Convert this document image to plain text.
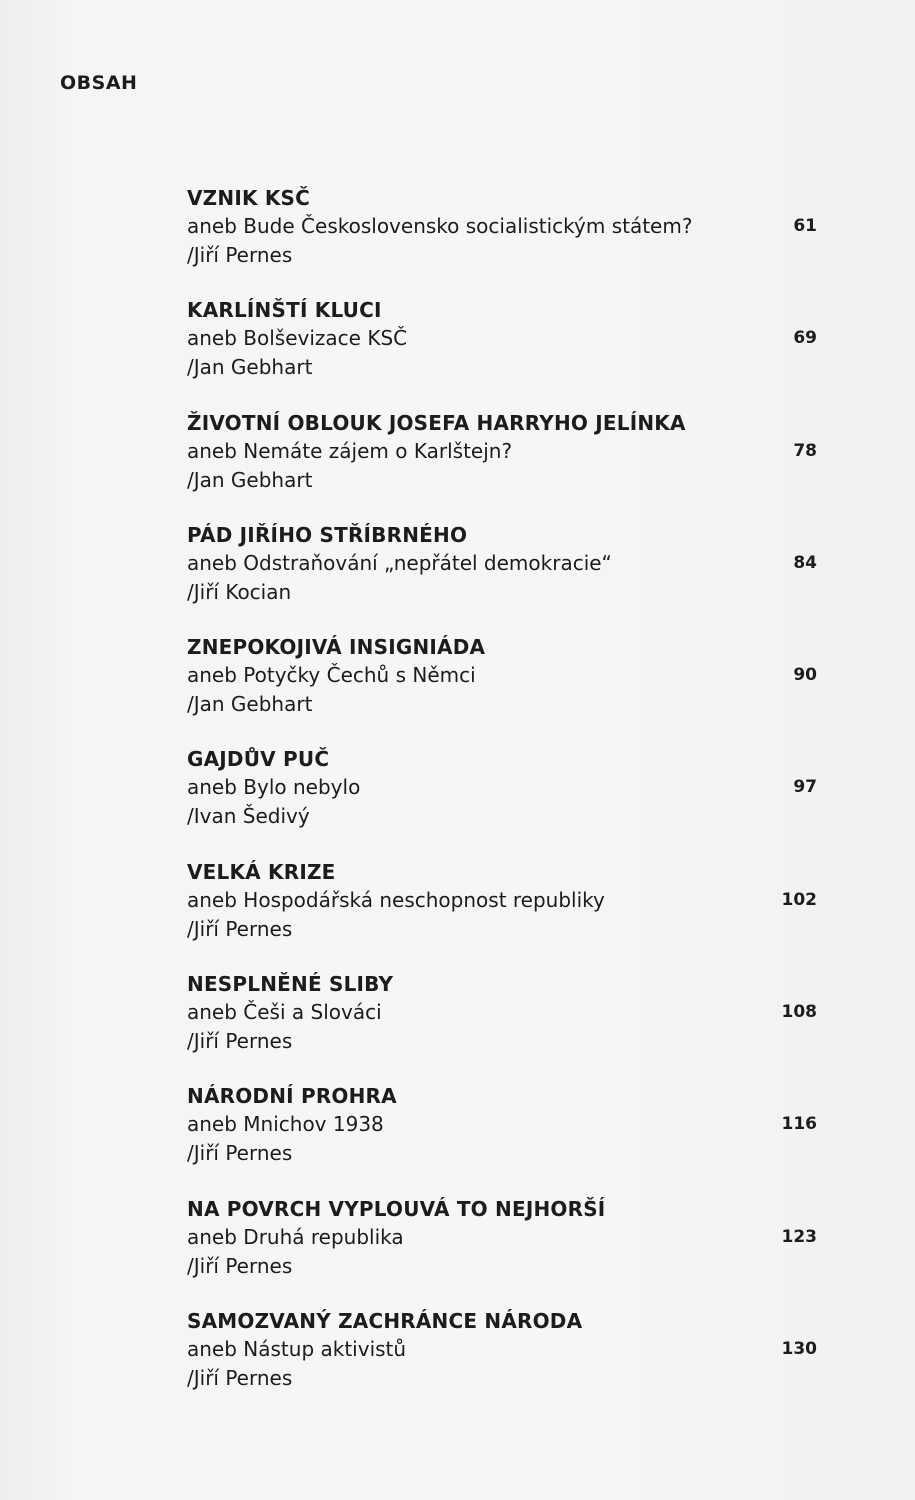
OBSAH
VZNIK KSČ
aneb Bude Československo socialistickým státem?
/Jiří Pernes
61
KARLÍNŠTÍ KLUCI
aneb Bolševizace KSČ
/Jan Gebhart
69
ŽIVOTNÍ OBLOUK JOSEFA HARRYHO JELÍNKA
aneb Nemáte zájem o Karlštejn?
/Jan Gebhart
78
PÁD JIŘÍHO STŘÍBRNÉHO
aneb Odstraňování „nepřátel demokracie“
/Jiří Kocian
84
ZNEPOKOJIVÁ INSIGNIÁDA
aneb Potyčky Čechů s Němci
/Jan Gebhart
90
GAJDŮV PUČ
aneb Bylo nebylo
/Ivan Šedivý
97
VELKÁ KRIZE
aneb Hospodářská neschopnost republiky
/Jiří Pernes
102
NESPLNĚNÉ SLIBY
aneb Češi a Slováci
/Jiří Pernes
108
NÁRODNÍ PROHRA
aneb Mnichov 1938
/Jiří Pernes
116
NA POVRCH VYPLOUVÁ TO NEJHORŠÍ
aneb Druhá republika
/Jiří Pernes
123
SAMOZVANÝ ZACHRÁNCE NÁRODA
aneb Nástup aktivistů
/Jiří Pernes
130
